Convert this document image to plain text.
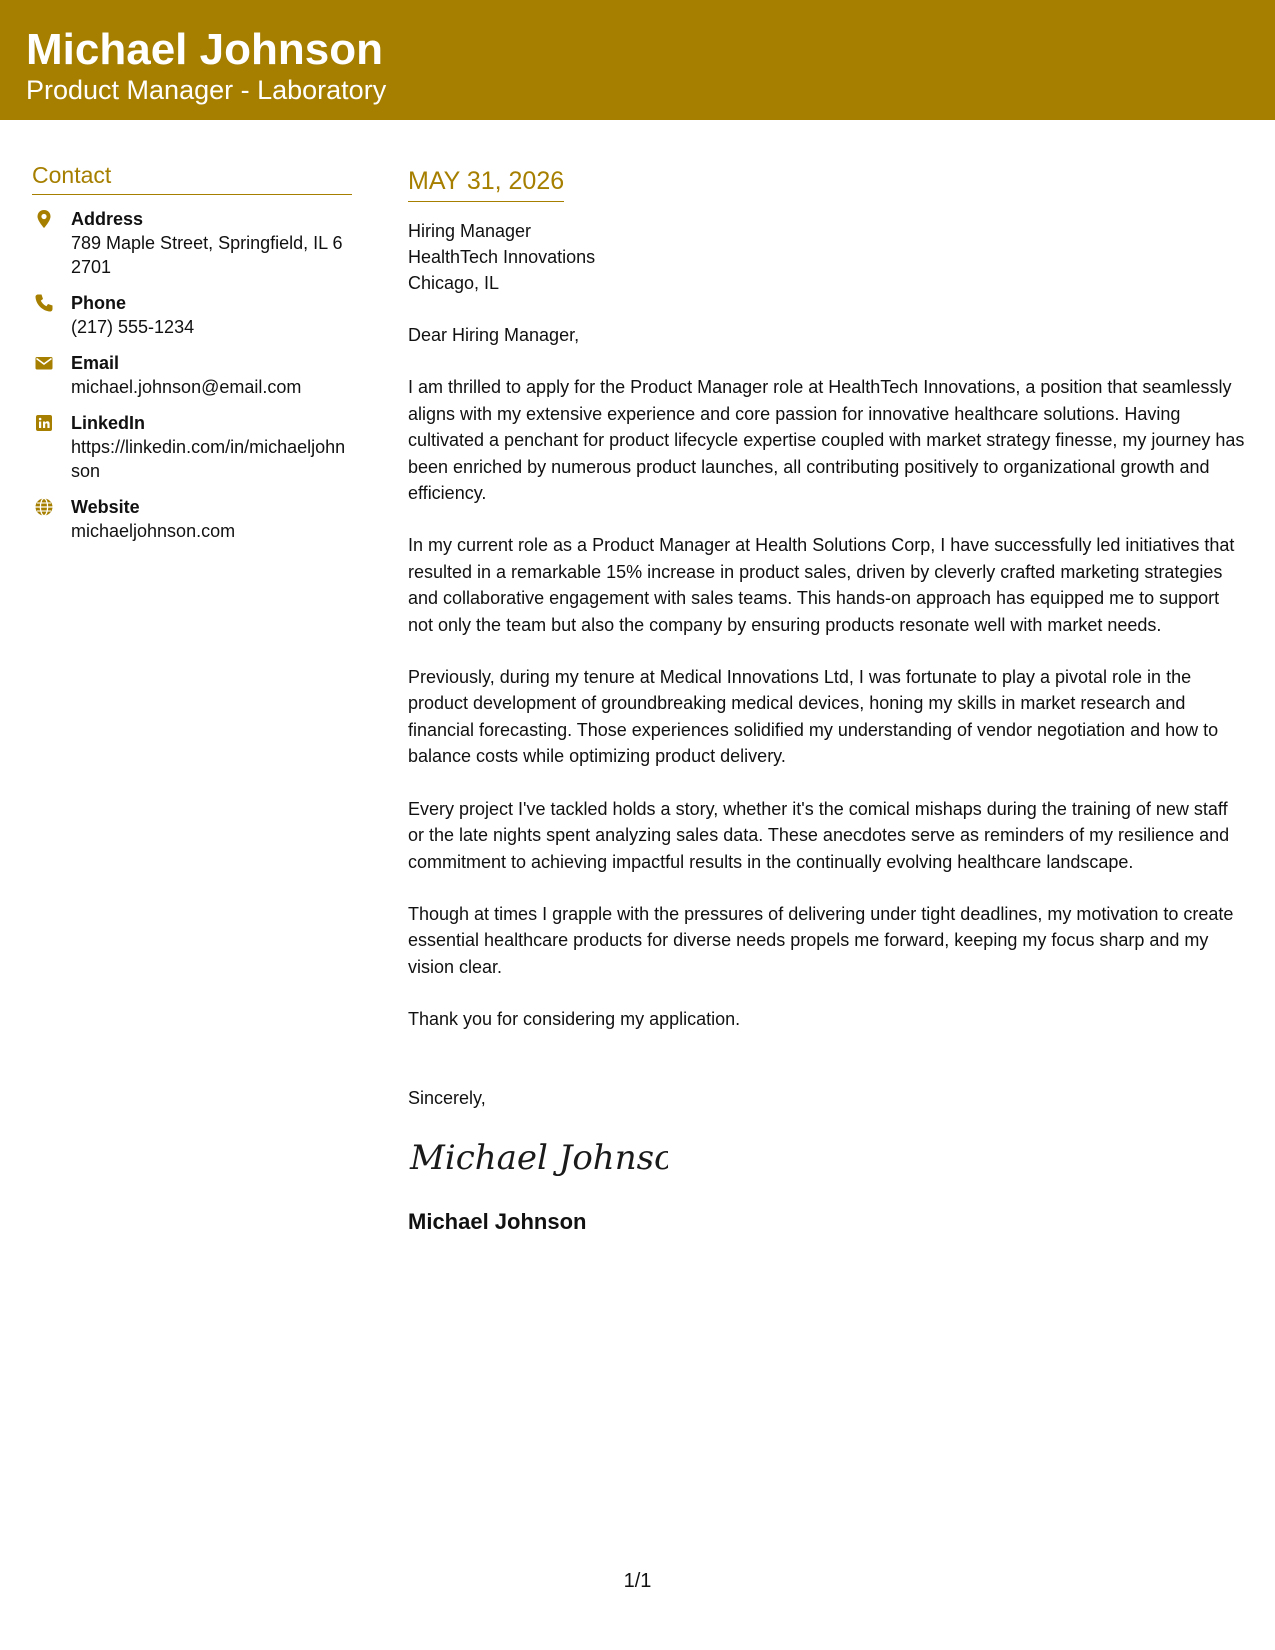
Michael Johnson
Product Manager - Laboratory
Contact
Address
789 Maple Street, Springfield, IL 62701
Phone
(217) 555-1234
Email
michael.johnson@email.com
LinkedIn
https://linkedin.com/in/michaeljohnson
Website
michaeljohnson.com
MAY 31, 2026
Hiring Manager
HealthTech Innovations
Chicago, IL

Dear Hiring Manager,

I am thrilled to apply for the Product Manager role at HealthTech Innovations, a position that seamlessly aligns with my extensive experience and core passion for innovative healthcare solutions. Having cultivated a penchant for product lifecycle expertise coupled with market strategy finesse, my journey has been enriched by numerous product launches, all contributing positively to organizational growth and efficiency.

In my current role as a Product Manager at Health Solutions Corp, I have successfully led initiatives that resulted in a remarkable 15% increase in product sales, driven by cleverly crafted marketing strategies and collaborative engagement with sales teams. This hands-on approach has equipped me to support not only the team but also the company by ensuring products resonate well with market needs.

Previously, during my tenure at Medical Innovations Ltd, I was fortunate to play a pivotal role in the product development of groundbreaking medical devices, honing my skills in market research and financial forecasting. Those experiences solidified my understanding of vendor negotiation and how to balance costs while optimizing product delivery.

Every project I've tackled holds a story, whether it's the comical mishaps during the training of new staff or the late nights spent analyzing sales data. These anecdotes serve as reminders of my resilience and commitment to achieving impactful results in the continually evolving healthcare landscape.

Though at times I grapple with the pressures of delivering under tight deadlines, my motivation to create essential healthcare products for diverse needs propels me forward, keeping my focus sharp and my vision clear.

Thank you for considering my application.

Sincerely,
Michael Johnson
Michael Johnson
1/1
